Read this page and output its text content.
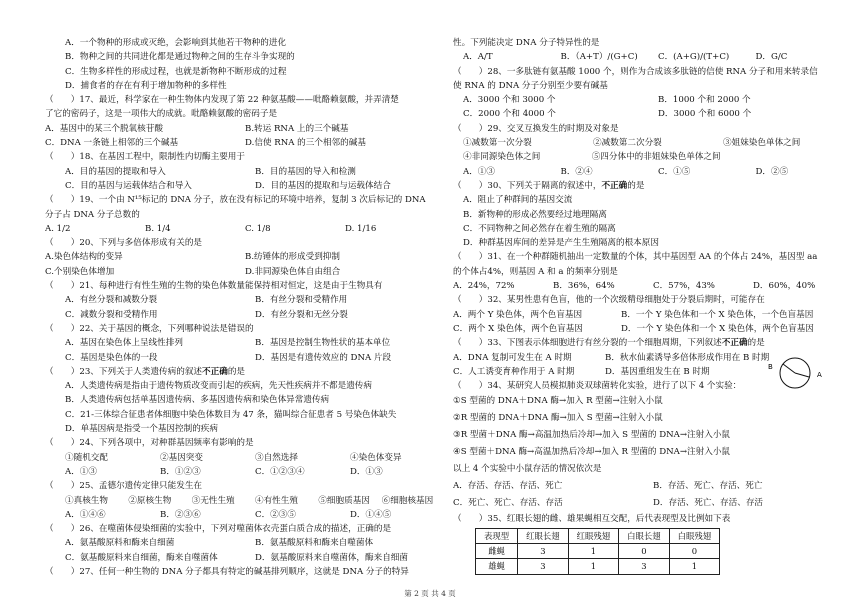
A．一个物种的形成或灭绝，会影响到其他若干物种的进化
B．物种之间的共同进化都是通过物种之间的生存斗争实现的
C．生物多样性的形成过程，也就是新物种不断形成的过程
D．捕食者的存在有利于增加物种的多样性
（　　）17、最近，科学家在一种生物体内发现了第 22 种氨基酸——吡酪赖氨酸，并弄清楚
了它的密码子，这是一项伟大的成就。吡酪赖氨酸的密码子是
A．基因中的某三个脱氧核苷酸	B.转运 RNA 上的三个碱基
C．DNA 一条链上相邻的三个碱基	D.信使 RNA 的三个相邻的碱基
（　　）18、在基因工程中，限制性内切酶主要用于
A．目的基因的提取和导入	B．目的基因的导入和检测
C．目的基因与运载体结合和导入	D．目的基因的提取和与运载体结合
（　　）19、一个由 N¹⁵标记的 DNA 分子，放在没有标记的环境中培养，复制 3 次后标记的 DNA
分子占 DNA 分子总数的
A. 1/2	B. 1/4	C. 1/8	D. 1/16
（　　）20、下列与多倍体形成有关的是
A.染色体结构的变异	B.纺锤体的形成受到抑制
C.个别染色体增加	D.非同源染色体自由组合
（　　）21、每种进行有性生殖的生物的染色体数量能保持相对恒定，这是由于生物具有
A．有丝分裂和减数分裂	B．有丝分裂和受精作用
C．减数分裂和受精作用	D．有丝分裂和无丝分裂
（　　）22、关于基因的概念，下列哪种说法是错误的
A．基因在染色体上呈线性排列	B．基因是控制生物性状的基本单位
C．基因是染色体的一段	D．基因是有遗传效应的 DNA 片段
（　　）23、下列关于人类遗传病的叙述不正确的是
A．人类遗传病是指由于遗传物质改变而引起的疾病，先天性疾病并不都是遗传病
B．人类遗传病包括单基因遗传病、多基因遗传病和染色体异常遗传病
C．21-三体综合征患者体细胞中染色体数目为 47 条，猫叫综合征患者 5 号染色体缺失
D．单基因病是指受一个基因控制的疾病
（　　）24、下列各项中，对种群基因频率有影响的是
①随机交配	②基因突变	③自然选择	④染色体变异
A．①③	B．①②③	C．①②③④	D．①③
（　　）25、孟德尔遗传定律只能发生在
①真核生物	②原核生物	③无性生殖	④有性生殖	⑤细胞质基因	⑥细胞核基因
A．①④⑥	B．②③⑥	C．②③⑤	D．①④⑤
（　　）26、在噬菌体侵染细菌的实验中，下列对噬菌体衣壳蛋白质合成的描述，正确的是
A．氨基酸原料和酶来自细菌	B．氨基酸原料和酶来自噬菌体
C．氨基酸原料来自细菌，酶来自噬菌体	D．氨基酸原料来自噬菌体，酶来自细菌
（　　）27、任何一种生物的 DNA 分子都具有特定的碱基排列顺序，这就是 DNA 分子的特异
性。下列能决定 DNA 分子特异性的是
A．A/T	B．（A+T）/(G+C)	C．(A+G)/(T+C)	D．G/C
（　　）28、一多肽链有氨基酸 1000 个，则作为合成该多肽链的信使 RNA 分子和用来转录信
使 RNA 的 DNA 分子分别至少要有碱基
A．3000 个和 3000 个	B．1000 个和 2000 个
C．2000 个和 4000 个	D．3000 个和 6000 个
（　　）29、交叉互换发生的时期及对象是
①减数第一次分裂	②减数第二次分裂	③姐妹染色单体之间
④非同源染色体之间	⑤四分体中的非姐妹染色单体之间
A．①③	B．②④	C．①⑤	D．②⑤
（　　）30、下列关于隔离的叙述中，不正确的是
A．阻止了种群间的基因交流
B．新物种的形成必然要经过地理隔离
C．不同物种之间必然存在着生殖的隔离
D．种群基因库间的差异是产生生殖隔离的根本原因
（　　）31、在一个种群随机抽出一定数量的个体，其中基因型 AA 的个体占 24%，基因型 aa
的个体占4%，则基因 A 和 a 的频率分别是
A．24%，72%	B．36%，64%	C．57%，43%	D．60%，40%
（　　）32、某男性患有色盲，他的一个次级精母细胞处于分裂后期时，可能存在
A．两个 Y 染色体，两个色盲基因	B．一个 Y 染色体和一个 X 染色体，一个色盲基因
C．两个 X 染色体，两个色盲基因	D．一个 Y 染色体和一个 X 染色体，两个色盲基因
（　　）33、下图表示体细胞进行有丝分裂的一个细胞周期，下列叙述不正确的是
A．DNA 复制可发生在 A 时期	B．秋水仙素诱导多倍体形成作用在 B 时期
C．人工诱变育种作用于 A 时期	D．基因重组发生在 B 时期
（　　）34、某研究人员模拟肺炎双球菌转化实验，进行了以下 4 个实验：
①S 型菌的 DNA＋DNA 酶→加入 R 型菌→注射入小鼠
②R 型菌的 DNA＋DNA 酶→加入 S 型菌→注射入小鼠
③R 型菌＋DNA 酶→高温加热后冷却→加入 S 型菌的 DNA→注射入小鼠
④S 型菌＋DNA 酶→高温加热后冷却→加入 R 型菌的 DNA→注射入小鼠
以上 4 个实验中小鼠存活的情况依次是
A．存活、存活、存活、死亡	B．存活、死亡、存活、死亡
C．死亡、死亡、存活、存活	D．存活、死亡、存活、存活
（　　）35、红眼长翅的雌、雄果蝇相互交配，后代表现型及比例如下表
表现型	红眼长翅	红眼残翅	白眼长翅	白眼残翅
雌蝇	3	1	0	0
雄蝇	3	1	3	1
B
A
第 2 页 共 4 页
